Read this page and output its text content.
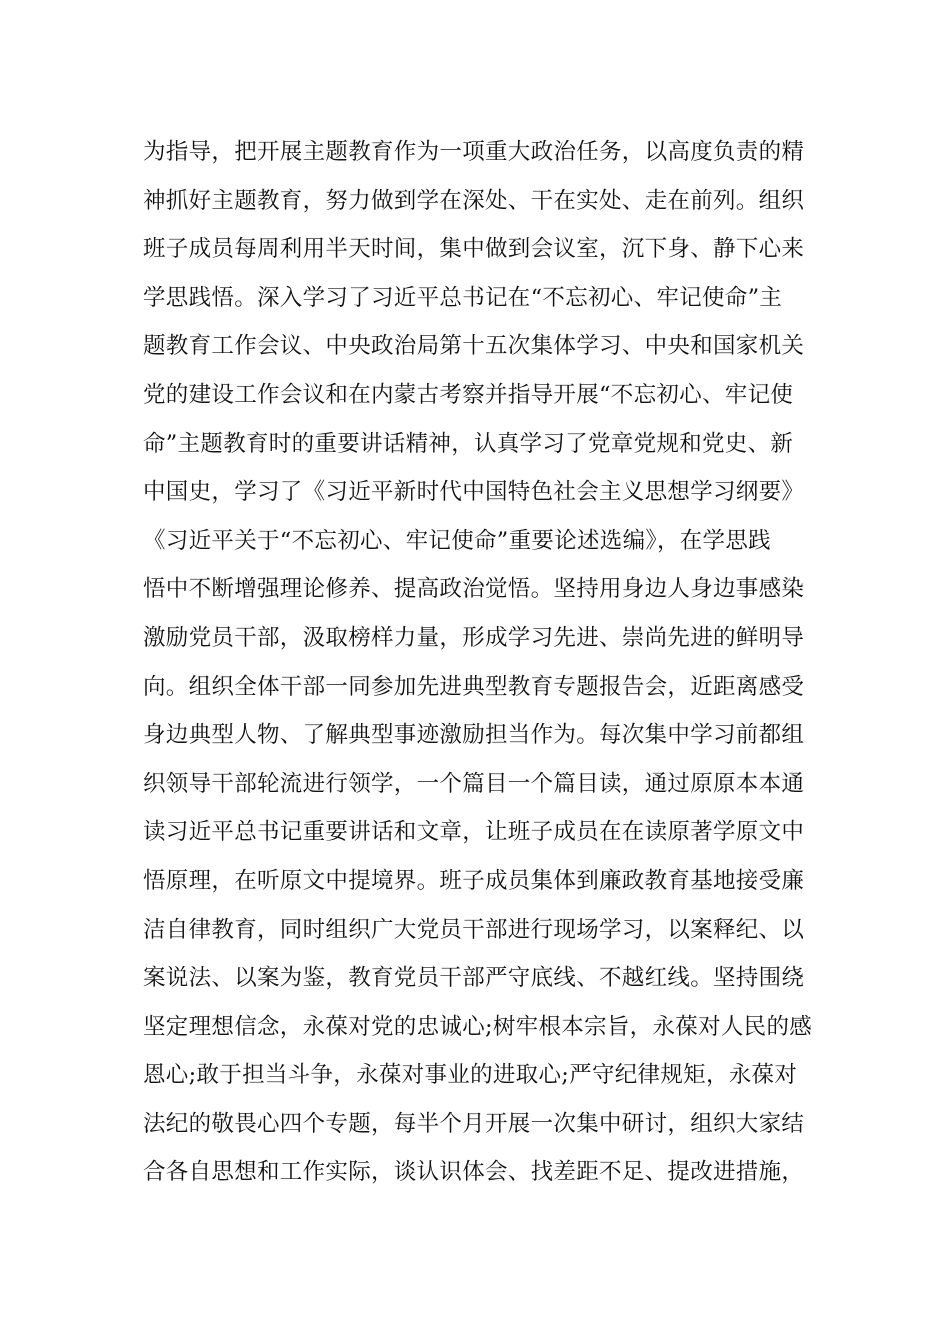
为指导，把开展主题教育作为一项重大政治任务，以高度负责的精
神抓好主题教育，努力做到学在深处、干在实处、走在前列。组织
班子成员每周利用半天时间，集中做到会议室，沉下身、静下心来
学思践悟。深入学习了习近平总书记在“不忘初心、牢记使命”主
题教育工作会议、中央政治局第十五次集体学习、中央和国家机关
党的建设工作会议和在内蒙古考察并指导开展“不忘初心、牢记使
命”主题教育时的重要讲话精神，认真学习了党章党规和党史、新
中国史，学习了《习近平新时代中国特色社会主义思想学习纲要》
《习近平关于“不忘初心、牢记使命”重要论述选编》，在学思践
悟中不断增强理论修养、提高政治觉悟。坚持用身边人身边事感染
激励党员干部，汲取榜样力量，形成学习先进、崇尚先进的鲜明导
向。组织全体干部一同参加先进典型教育专题报告会，近距离感受
身边典型人物、了解典型事迹激励担当作为。每次集中学习前都组
织领导干部轮流进行领学，一个篇目一个篇目读，通过原原本本通
读习近平总书记重要讲话和文章，让班子成员在在读原著学原文中
悟原理，在听原文中提境界。班子成员集体到廉政教育基地接受廉
洁自律教育，同时组织广大党员干部进行现场学习，以案释纪、以
案说法、以案为鉴，教育党员干部严守底线、不越红线。坚持围绕
坚定理想信念，永葆对党的忠诚心;树牢根本宗旨，永葆对人民的感
恩心;敢于担当斗争，永葆对事业的进取心;严守纪律规矩，永葆对
法纪的敬畏心四个专题，每半个月开展一次集中研讨，组织大家结
合各自思想和工作实际，谈认识体会、找差距不足、提改进措施，
